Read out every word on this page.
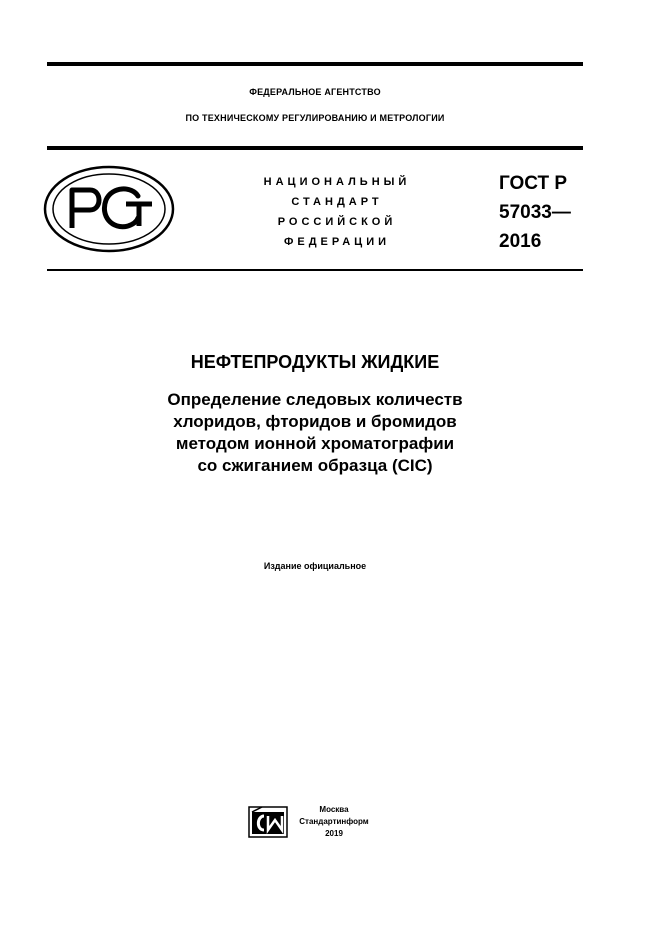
ФЕДЕРАЛЬНОЕ АГЕНТСТВО
ПО ТЕХНИЧЕСКОМУ РЕГУЛИРОВАНИЮ И МЕТРОЛОГИИ
НАЦИОНАЛЬНЫЙ
СТАНДАРТ
РОССИЙСКОЙ
ФЕДЕРАЦИИ
ГОСТ Р
57033—
2016
НЕФТЕПРОДУКТЫ ЖИДКИЕ
Определение следовых количеств
хлоридов, фторидов и бромидов
методом ионной хроматографии
со сжиганием образца (CIC)
Издание официальное
Москва
Стандартинформ
2019
